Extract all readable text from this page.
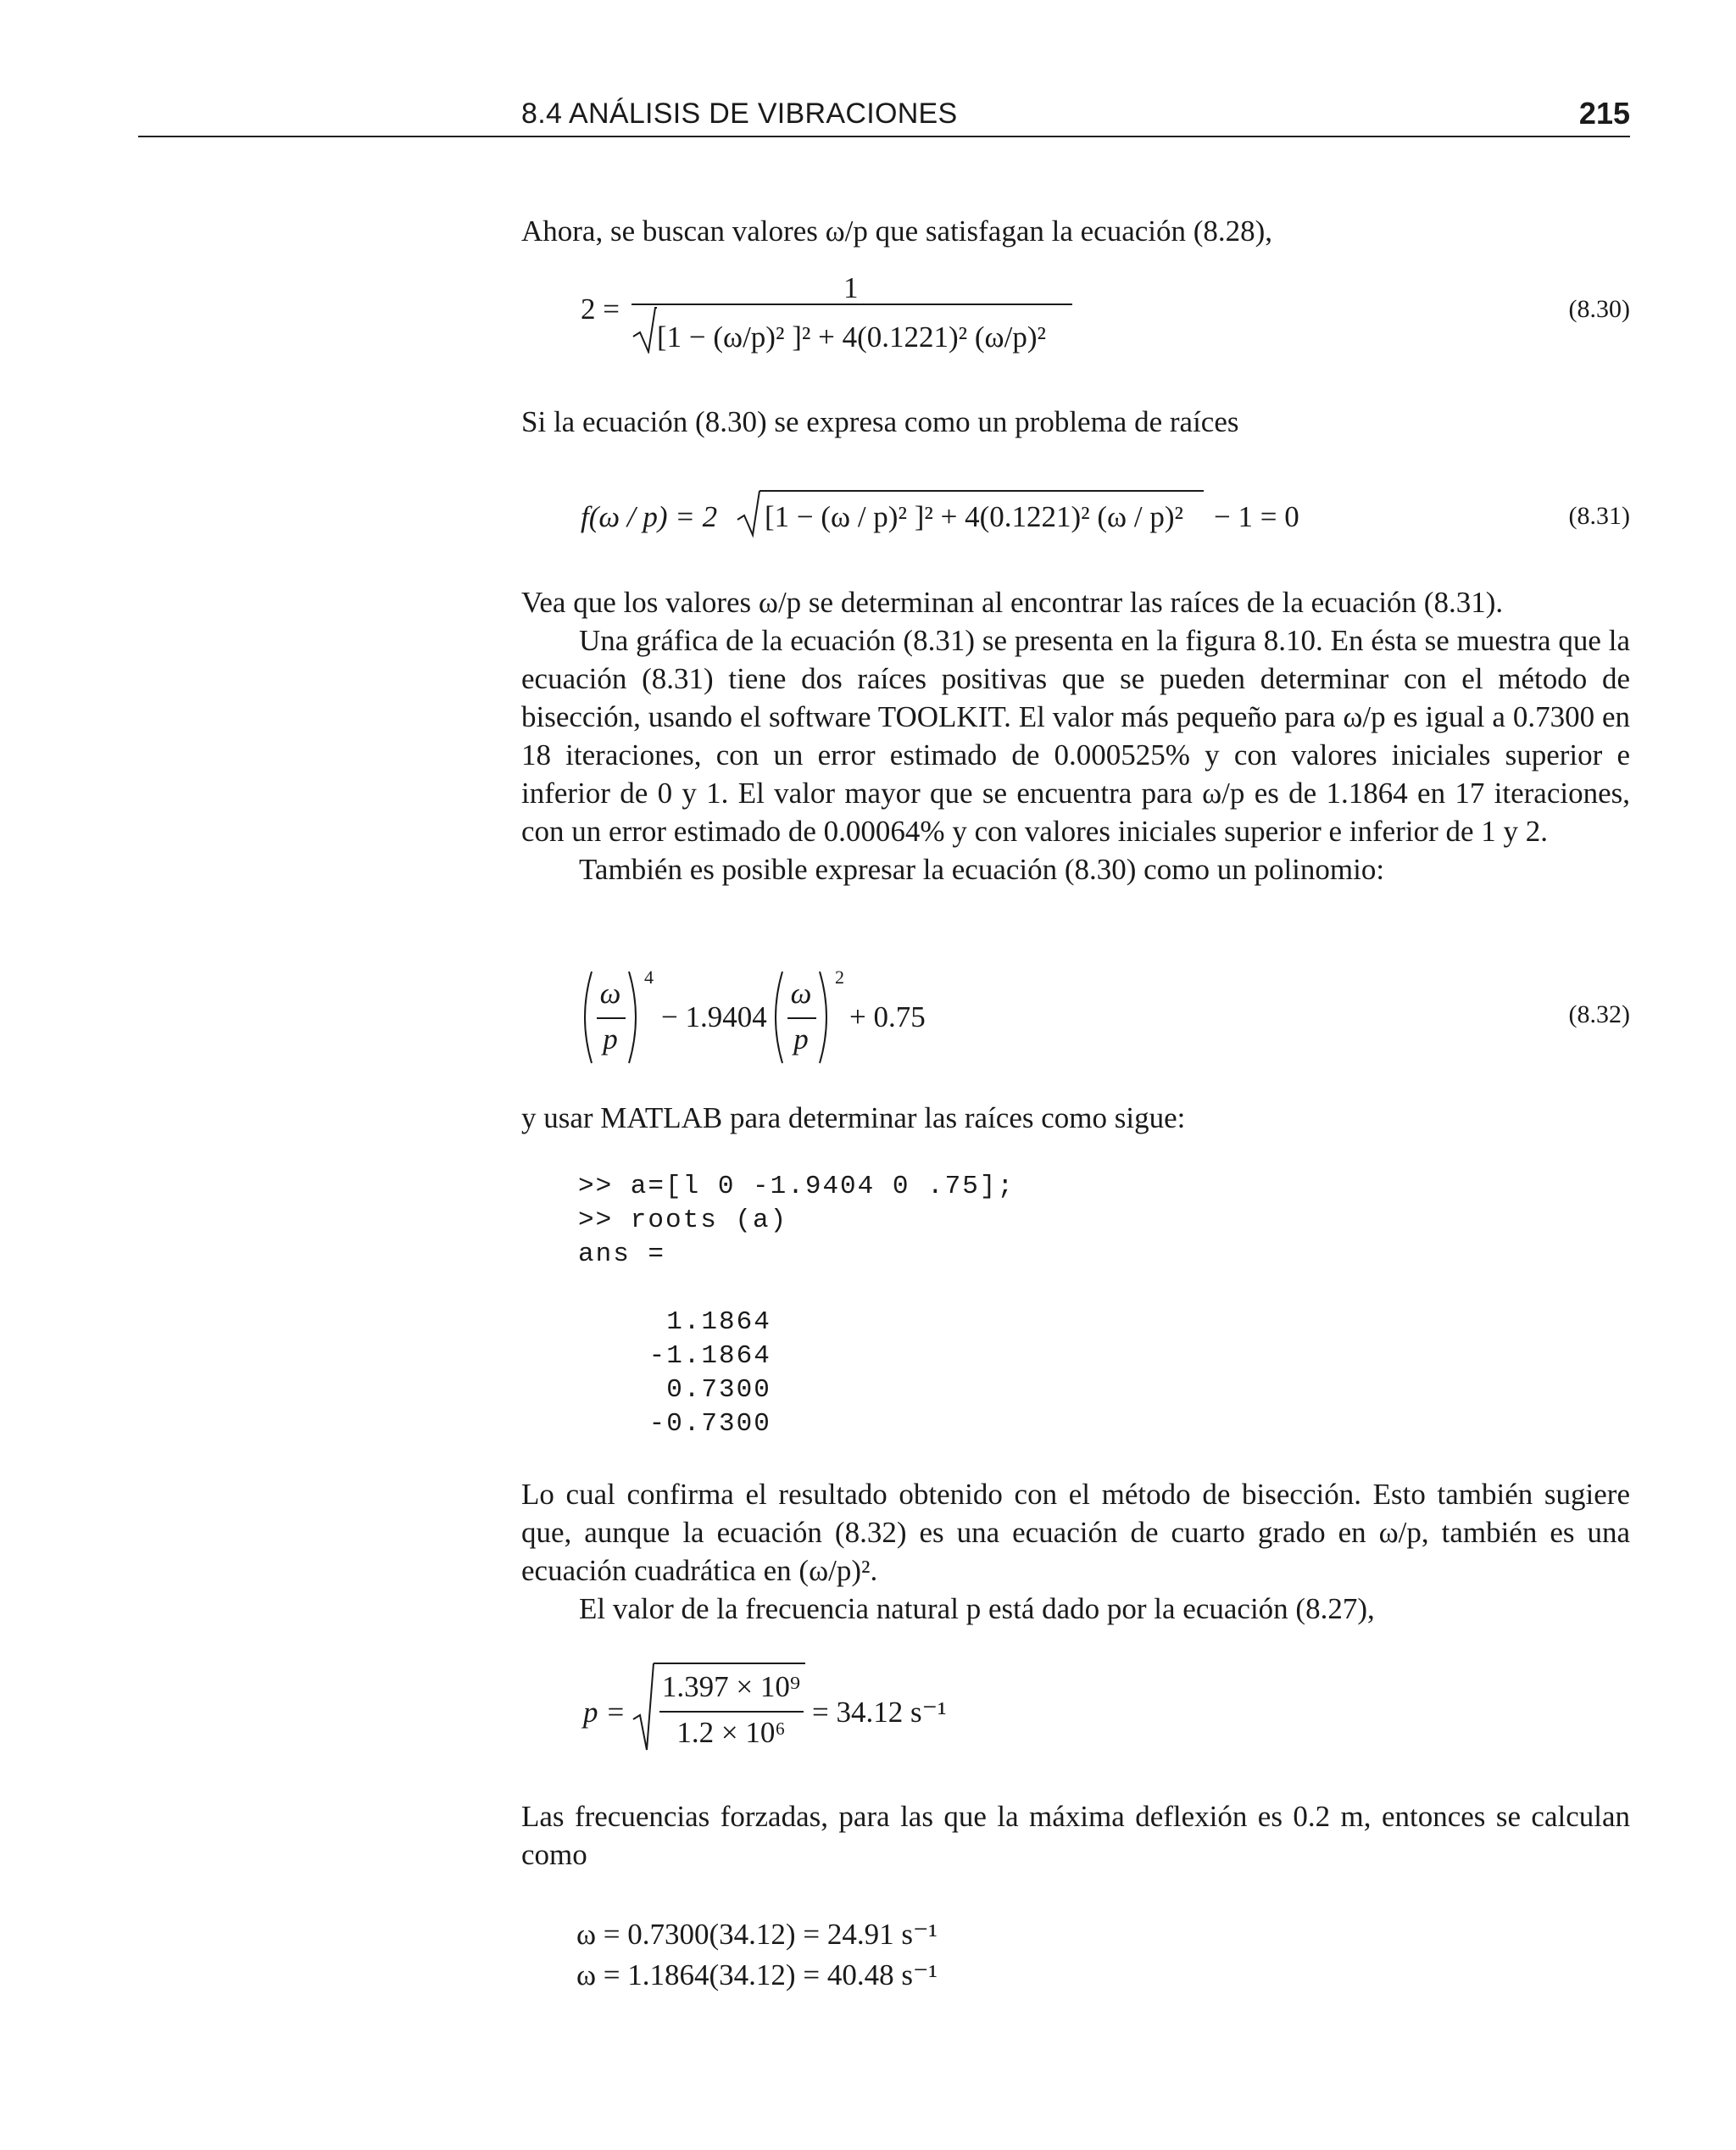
8.4 ANÁLISIS DE VIBRACIONES	215

Ahora, se buscan valores ω/p que satisfagan la ecuación (8.28),

2 =
1
[1 − (ω/p)² ]² + 4(0.1221)² (ω/p)²
(8.30)

Si la ecuación (8.30) se expresa como un problema de raíces

f(ω / p) = 2 [1 − (ω / p)² ]² + 4(0.1221)² (ω / p)² − 1 = 0	(8.31)

Vea que los valores ω/p se determinan al encontrar las raíces de la ecuación (8.31).

Una gráfica de la ecuación (8.31) se presenta en la figura 8.10. En ésta se muestra que la ecuación (8.31) tiene dos raíces positivas que se pueden determinar con el método de bisección, usando el software TOOLKIT. El valor más pequeño para ω/p es igual a 0.7300 en 18 iteraciones, con un error estimado de 0.000525% y con valores iniciales superior e inferior de 0 y 1. El valor mayor que se encuentra para ω/p es de 1.1864 en 17 iteraciones, con un error estimado de 0.00064% y con valores iniciales superior e inferior de 1 y 2.

También es posible expresar la ecuación (8.30) como un polinomio:

ω
p
4
− 1.9404
ω
p
2
+ 0.75	(8.32)

y usar MATLAB para determinar las raíces como sigue:

>> a=[l 0 -1.9404 0 .75];
>> roots (a)
ans =
1.1864
-1.1864
0.7300
-0.7300

Lo cual confirma el resultado obtenido con el método de bisección. Esto también sugiere que, aunque la ecuación (8.32) es una ecuación de cuarto grado en ω/p, también es una ecuación cuadrática en (ω/p)².

El valor de la frecuencia natural p está dado por la ecuación (8.27),

p =
1.397 × 10⁹
1.2 × 10⁶
= 34.12 s⁻¹

Las frecuencias forzadas, para las que la máxima deflexión es 0.2 m, entonces se calculan como

ω = 0.7300(34.12) = 24.91 s⁻¹
ω = 1.1864(34.12) = 40.48 s⁻¹
